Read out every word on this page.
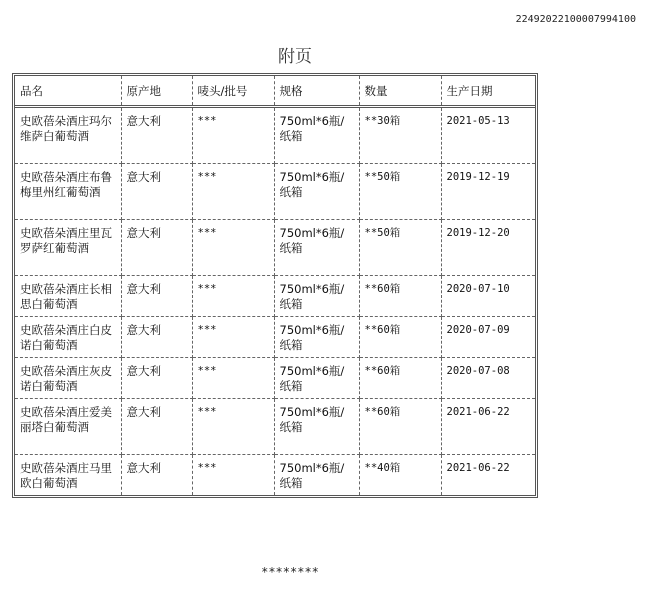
22492022100007994100
附页
品名	原产地	唛头/批号	规格	数量	生产日期
史欧蓓朵酒庄玛尔维萨白葡萄酒	意大利	***	750ml*6瓶/纸箱	**30箱	2021-05-13
史欧蓓朵酒庄布鲁梅里州红葡萄酒	意大利	***	750ml*6瓶/纸箱	**50箱	2019-12-19
史欧蓓朵酒庄里瓦罗萨红葡萄酒	意大利	***	750ml*6瓶/纸箱	**50箱	2019-12-20
史欧蓓朵酒庄长相思白葡萄酒	意大利	***	750ml*6瓶/纸箱	**60箱	2020-07-10
史欧蓓朵酒庄白皮诺白葡萄酒	意大利	***	750ml*6瓶/纸箱	**60箱	2020-07-09
史欧蓓朵酒庄灰皮诺白葡萄酒	意大利	***	750ml*6瓶/纸箱	**60箱	2020-07-08
史欧蓓朵酒庄爱美丽塔白葡萄酒	意大利	***	750ml*6瓶/纸箱	**60箱	2021-06-22
史欧蓓朵酒庄马里欧白葡萄酒	意大利	***	750ml*6瓶/纸箱	**40箱	2021-06-22
********
